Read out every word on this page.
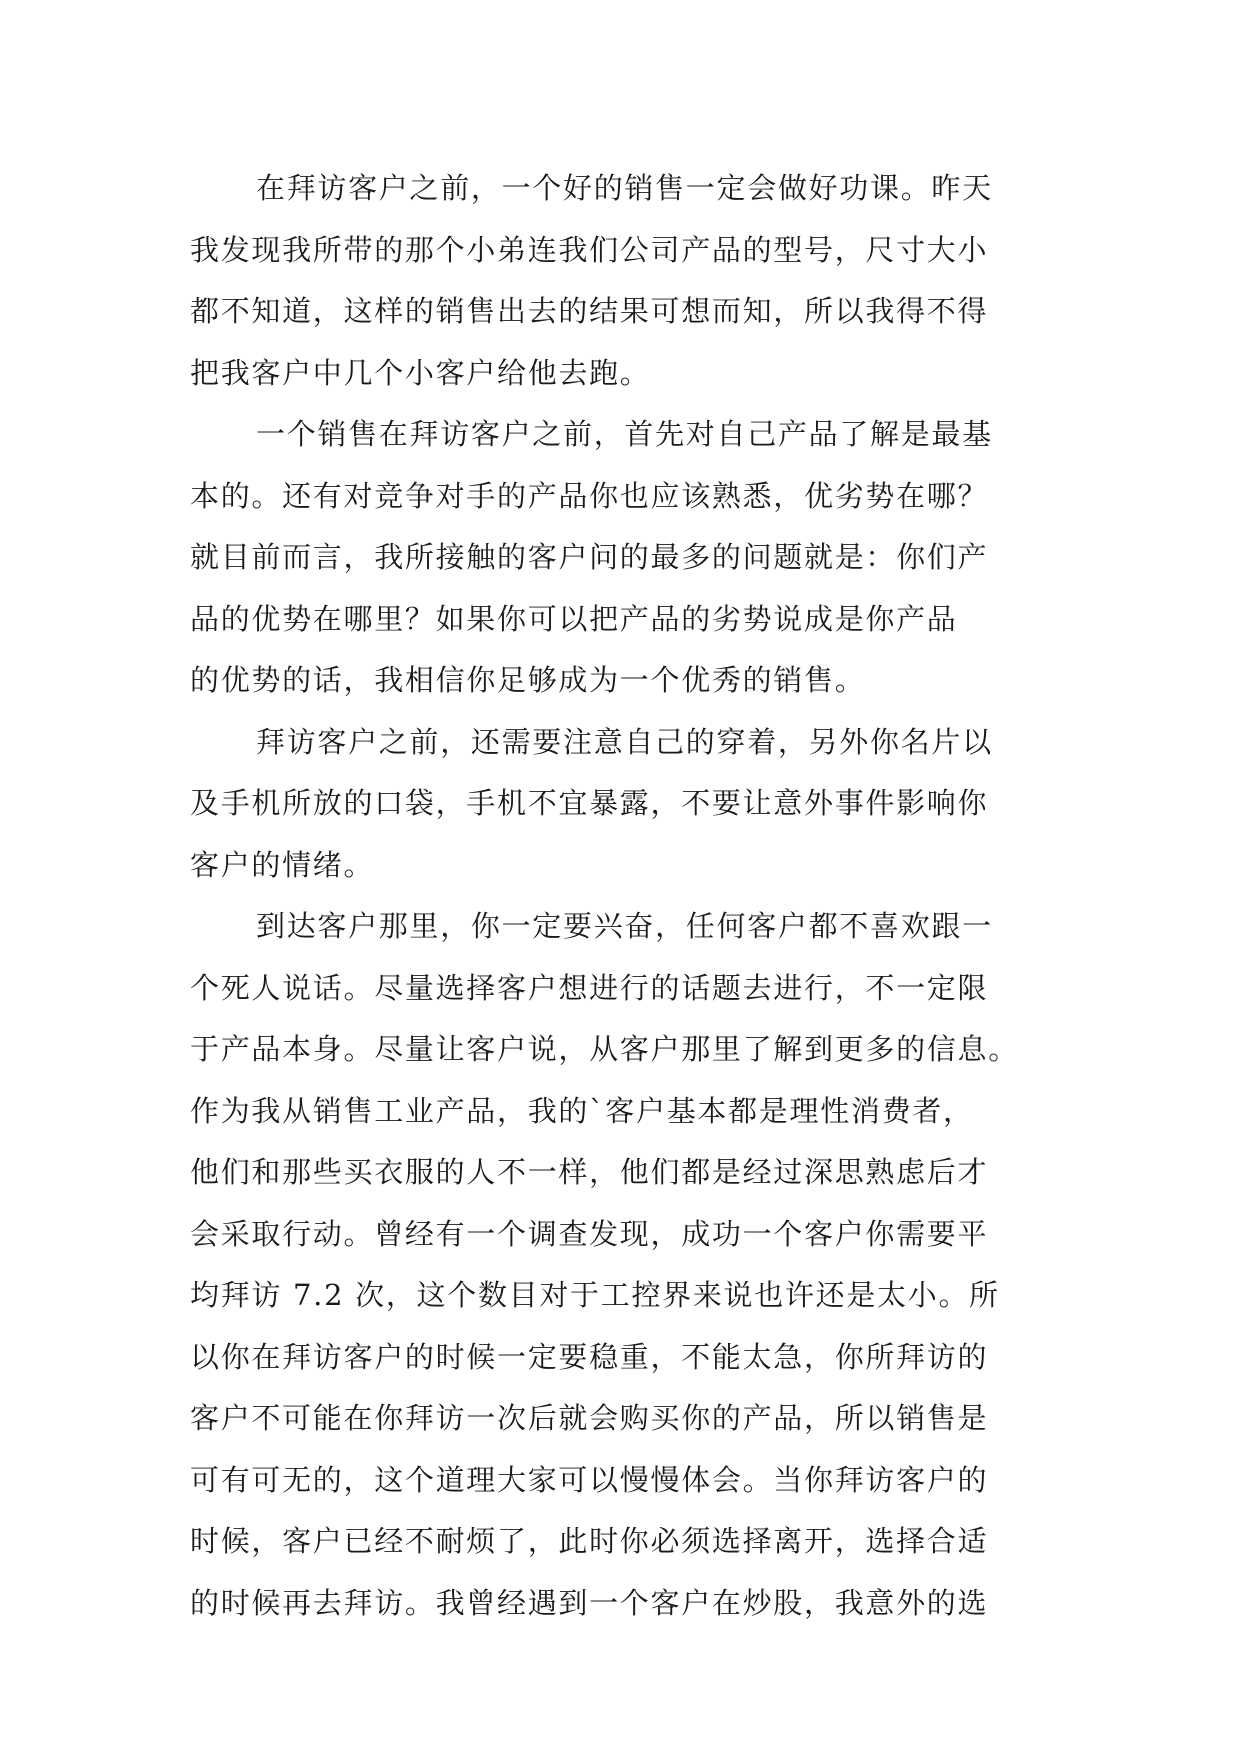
在拜访客户之前，一个好的销售一定会做好功课。昨天
我发现我所带的那个小弟连我们公司产品的型号，尺寸大小
都不知道，这样的销售出去的结果可想而知，所以我得不得
把我客户中几个小客户给他去跑。
一个销售在拜访客户之前，首先对自己产品了解是最基
本的。还有对竞争对手的产品你也应该熟悉，优劣势在哪？
就目前而言，我所接触的客户问的最多的问题就是：你们产
品的优势在哪里？如果你可以把产品的劣势说成是你产品
的优势的话，我相信你足够成为一个优秀的销售。
拜访客户之前，还需要注意自己的穿着，另外你名片以
及手机所放的口袋，手机不宜暴露，不要让意外事件影响你
客户的情绪。
到达客户那里，你一定要兴奋，任何客户都不喜欢跟一
个死人说话。尽量选择客户想进行的话题去进行，不一定限
于产品本身。尽量让客户说，从客户那里了解到更多的信息。
作为我从销售工业产品，我的`客户基本都是理性消费者，
他们和那些买衣服的人不一样，他们都是经过深思熟虑后才
会采取行动。曾经有一个调查发现，成功一个客户你需要平
均拜访 7.2 次，这个数目对于工控界来说也许还是太小。所
以你在拜访客户的时候一定要稳重，不能太急，你所拜访的
客户不可能在你拜访一次后就会购买你的产品，所以销售是
可有可无的，这个道理大家可以慢慢体会。当你拜访客户的
时候，客户已经不耐烦了，此时你必须选择离开，选择合适
的时候再去拜访。我曾经遇到一个客户在炒股，我意外的选
